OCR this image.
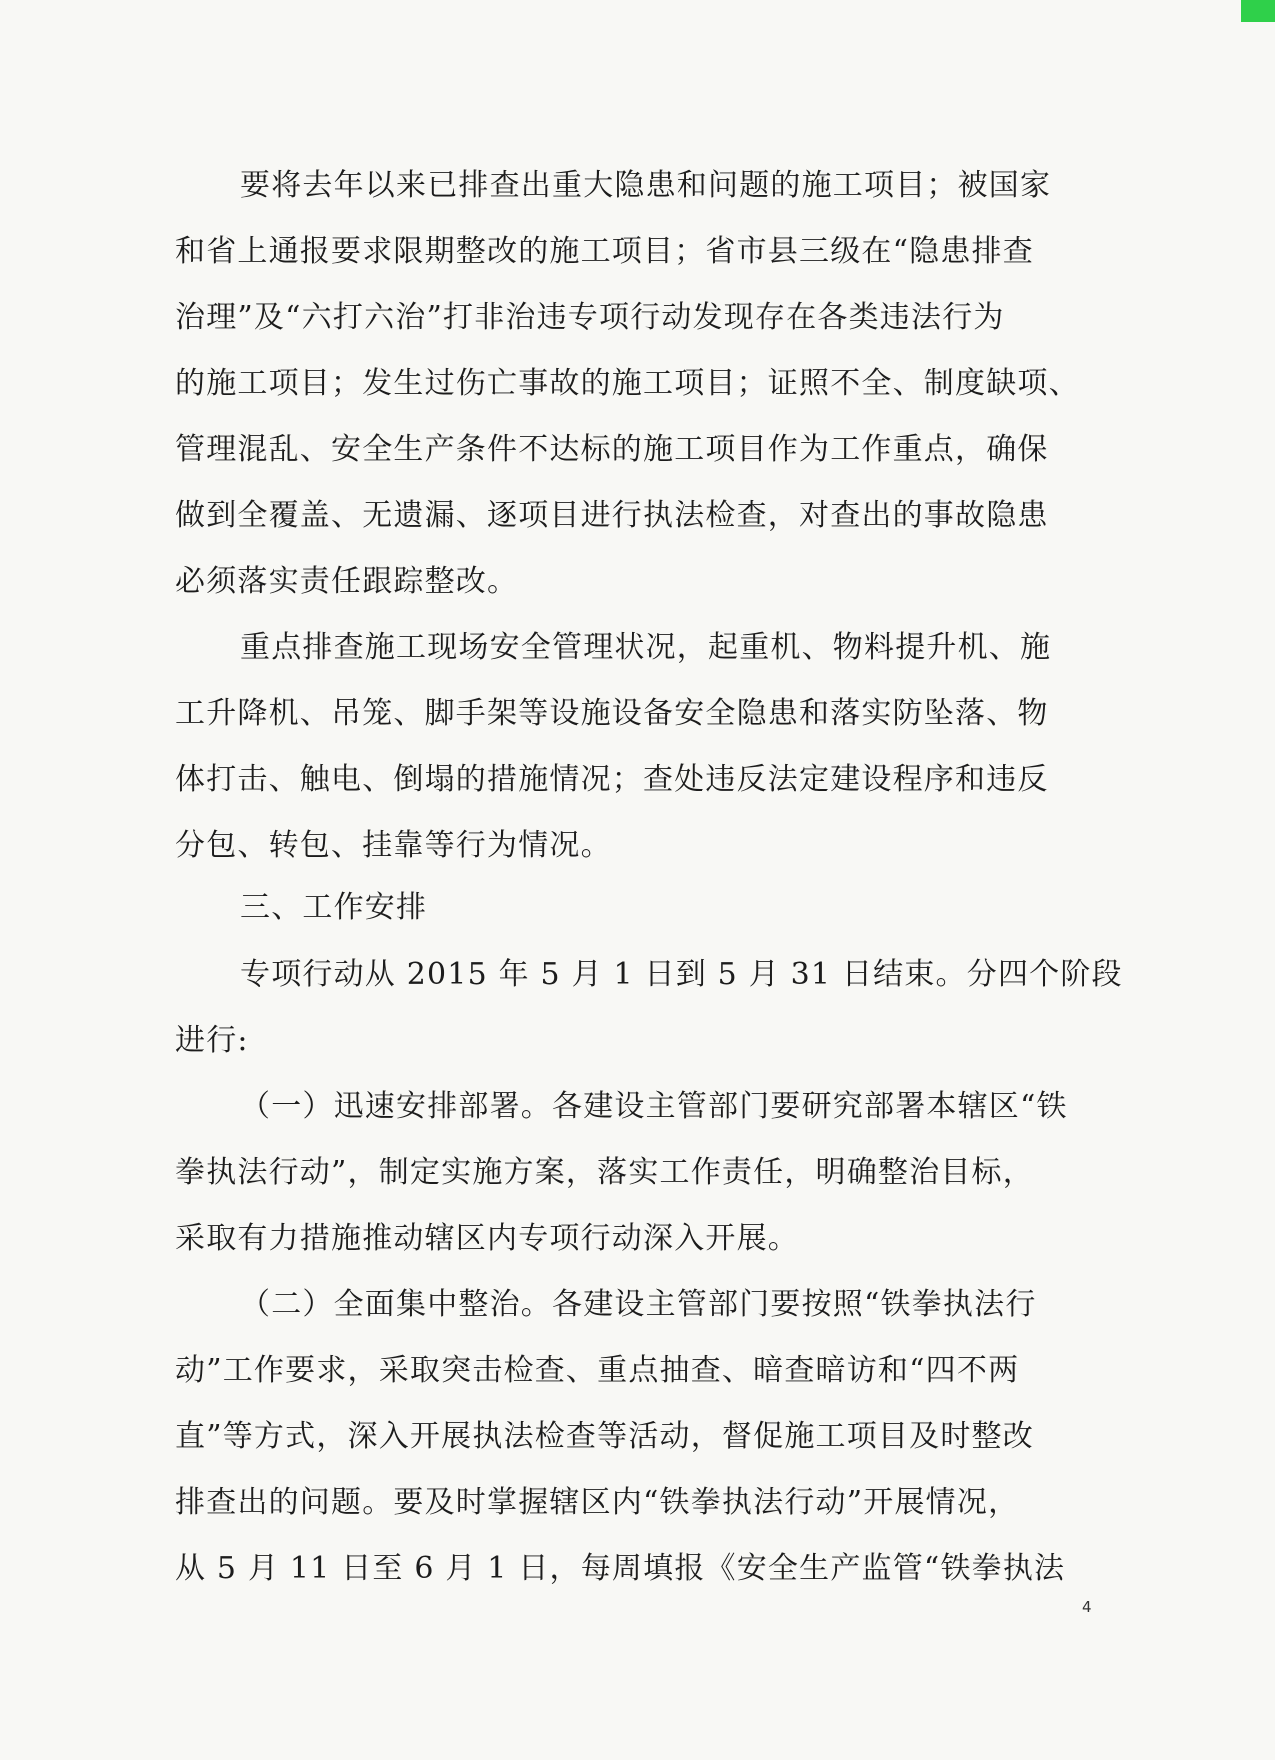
要将去年以来已排查出重大隐患和问题的施工项目；被国家
和省上通报要求限期整改的施工项目；省市县三级在“隐患排查
治理”及“六打六治”打非治违专项行动发现存在各类违法行为
的施工项目；发生过伤亡事故的施工项目；证照不全、制度缺项、
管理混乱、安全生产条件不达标的施工项目作为工作重点，确保
做到全覆盖、无遗漏、逐项目进行执法检查，对查出的事故隐患
必须落实责任跟踪整改。
重点排查施工现场安全管理状况，起重机、物料提升机、施
工升降机、吊笼、脚手架等设施设备安全隐患和落实防坠落、物
体打击、触电、倒塌的措施情况；查处违反法定建设程序和违反
分包、转包、挂靠等行为情况。
三、工作安排
专项行动从 2015 年 5 月 1 日到 5 月 31 日结束。分四个阶段
进行:
（一）迅速安排部署。各建设主管部门要研究部署本辖区“铁
拳执法行动”，制定实施方案，落实工作责任，明确整治目标，
采取有力措施推动辖区内专项行动深入开展。
（二）全面集中整治。各建设主管部门要按照“铁拳执法行
动”工作要求，采取突击检查、重点抽查、暗查暗访和“四不两
直”等方式，深入开展执法检查等活动，督促施工项目及时整改
排查出的问题。要及时掌握辖区内“铁拳执法行动”开展情况，
从 5 月 11 日至 6 月 1 日，每周填报《安全生产监管“铁拳执法
4
